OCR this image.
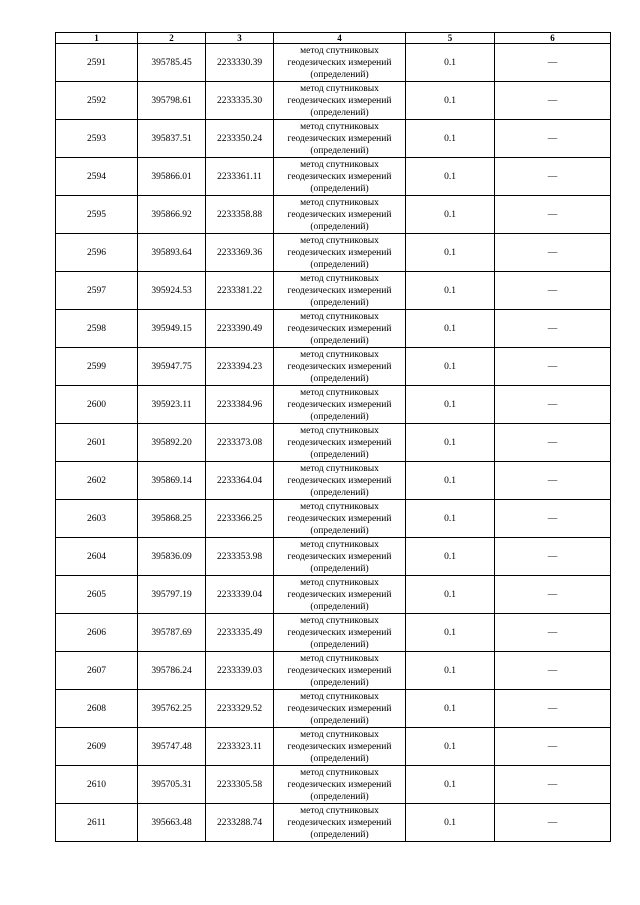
1	2	3	4	5	6
2591	395785.45	2233330.39	метод спутниковых
геодезических измерений
(определений)	0.1	—
2592	395798.61	2233335.30	метод спутниковых
геодезических измерений
(определений)	0.1	—
2593	395837.51	2233350.24	метод спутниковых
геодезических измерений
(определений)	0.1	—
2594	395866.01	2233361.11	метод спутниковых
геодезических измерений
(определений)	0.1	—
2595	395866.92	2233358.88	метод спутниковых
геодезических измерений
(определений)	0.1	—
2596	395893.64	2233369.36	метод спутниковых
геодезических измерений
(определений)	0.1	—
2597	395924.53	2233381.22	метод спутниковых
геодезических измерений
(определений)	0.1	—
2598	395949.15	2233390.49	метод спутниковых
геодезических измерений
(определений)	0.1	—
2599	395947.75	2233394.23	метод спутниковых
геодезических измерений
(определений)	0.1	—
2600	395923.11	2233384.96	метод спутниковых
геодезических измерений
(определений)	0.1	—
2601	395892.20	2233373.08	метод спутниковых
геодезических измерений
(определений)	0.1	—
2602	395869.14	2233364.04	метод спутниковых
геодезических измерений
(определений)	0.1	—
2603	395868.25	2233366.25	метод спутниковых
геодезических измерений
(определений)	0.1	—
2604	395836.09	2233353.98	метод спутниковых
геодезических измерений
(определений)	0.1	—
2605	395797.19	2233339.04	метод спутниковых
геодезических измерений
(определений)	0.1	—
2606	395787.69	2233335.49	метод спутниковых
геодезических измерений
(определений)	0.1	—
2607	395786.24	2233339.03	метод спутниковых
геодезических измерений
(определений)	0.1	—
2608	395762.25	2233329.52	метод спутниковых
геодезических измерений
(определений)	0.1	—
2609	395747.48	2233323.11	метод спутниковых
геодезических измерений
(определений)	0.1	—
2610	395705.31	2233305.58	метод спутниковых
геодезических измерений
(определений)	0.1	—
2611	395663.48	2233288.74	метод спутниковых
геодезических измерений
(определений)	0.1	—
